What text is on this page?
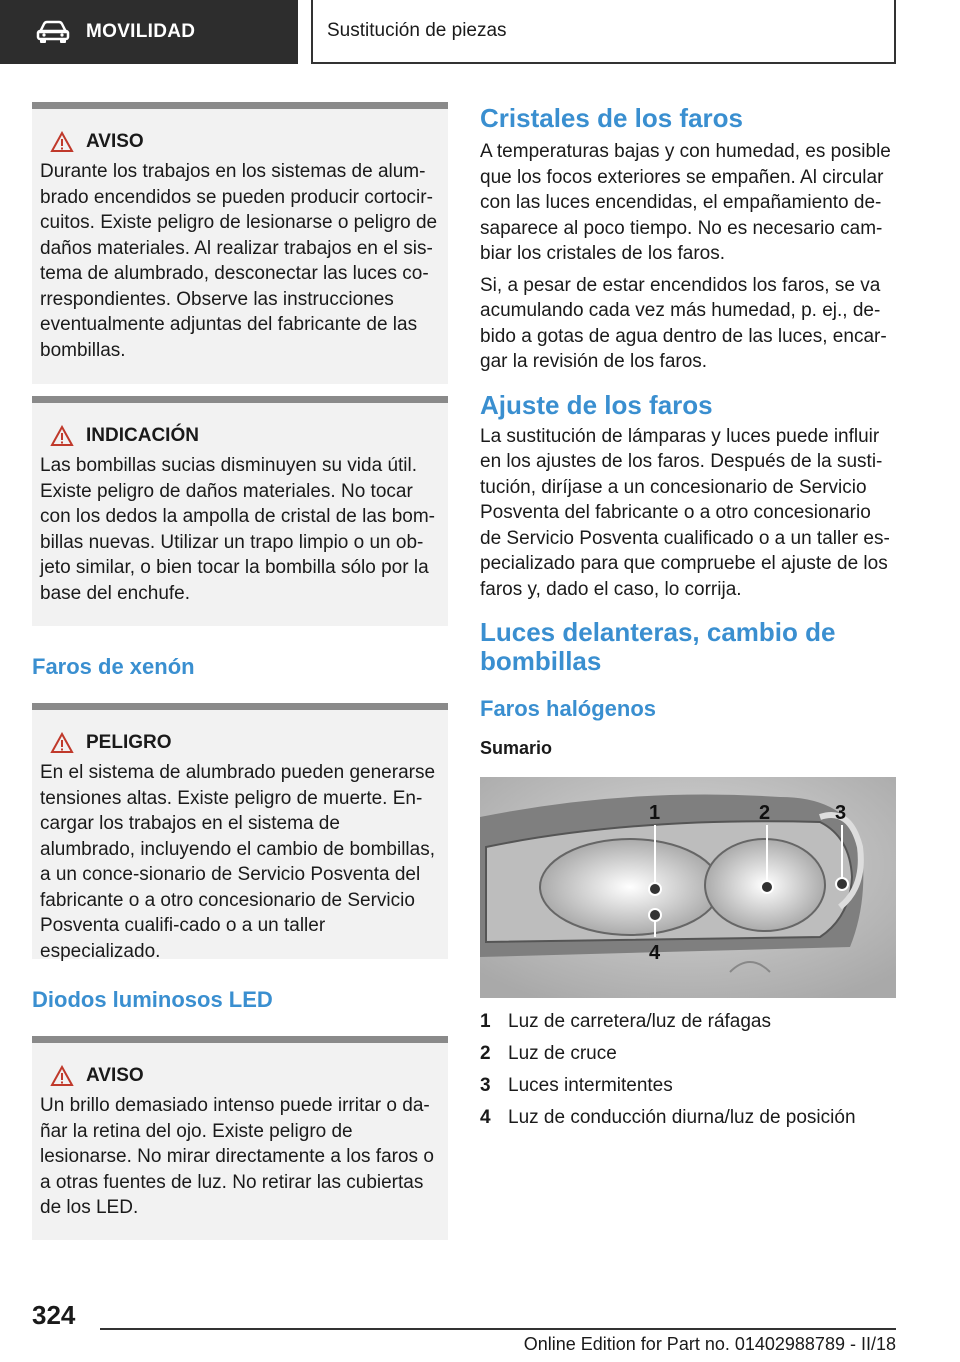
MOVILIDAD	Sustitución de piezas
AVISO
Durante los trabajos en los sistemas de alum-brado encendidos se pueden producir cortocir-cuitos. Existe peligro de lesionarse o peligro de daños materiales. Al realizar trabajos en el sis-tema de alumbrado, desconectar las luces co-rrespondientes. Observe las instrucciones eventualmente adjuntas del fabricante de las bombillas.
INDICACIÓN
Las bombillas sucias disminuyen su vida útil. Existe peligro de daños materiales. No tocar con los dedos la ampolla de cristal de las bom-billas nuevas. Utilizar un trapo limpio o un ob-jeto similar, o bien tocar la bombilla sólo por la base del enchufe.
Faros de xenón
PELIGRO
En el sistema de alumbrado pueden generarse tensiones altas. Existe peligro de muerte. En-cargar los trabajos en el sistema de alumbrado, incluyendo el cambio de bombillas, a un conce-sionario de Servicio Posventa del fabricante o a otro concesionario de Servicio Posventa cualifi-cado o a un taller especializado.
Diodos luminosos LED
AVISO
Un brillo demasiado intenso puede irritar o da-ñar la retina del ojo. Existe peligro de lesionarse. No mirar directamente a los faros o a otras fuentes de luz. No retirar las cubiertas de los LED.
Cristales de los faros
A temperaturas bajas y con humedad, es posible que los focos exteriores se empañen. Al circular con las luces encendidas, el empañamiento de-saparece al poco tiempo. No es necesario cam-biar los cristales de los faros.
Si, a pesar de estar encendidos los faros, se va acumulando cada vez más humedad, p. ej., de-bido a gotas de agua dentro de las luces, encar-gar la revisión de los faros.
Ajuste de los faros
La sustitución de lámparas y luces puede influir en los ajustes de los faros. Después de la susti-tución, diríjase a un concesionario de Servicio Posventa del fabricante o a otro concesionario de Servicio Posventa cualificado o a un taller es-pecializado para que compruebe el ajuste de los faros y, dado el caso, lo corrija.
Luces delanteras, cambio de
bombillas
Faros halógenos
Sumario
1	2	3
4
1 Luz de carretera/luz de ráfagas
2 Luz de cruce
3 Luces intermitentes
4 Luz de conducción diurna/luz de posición
324
Online Edition for Part no. 01402988789 - II/18
